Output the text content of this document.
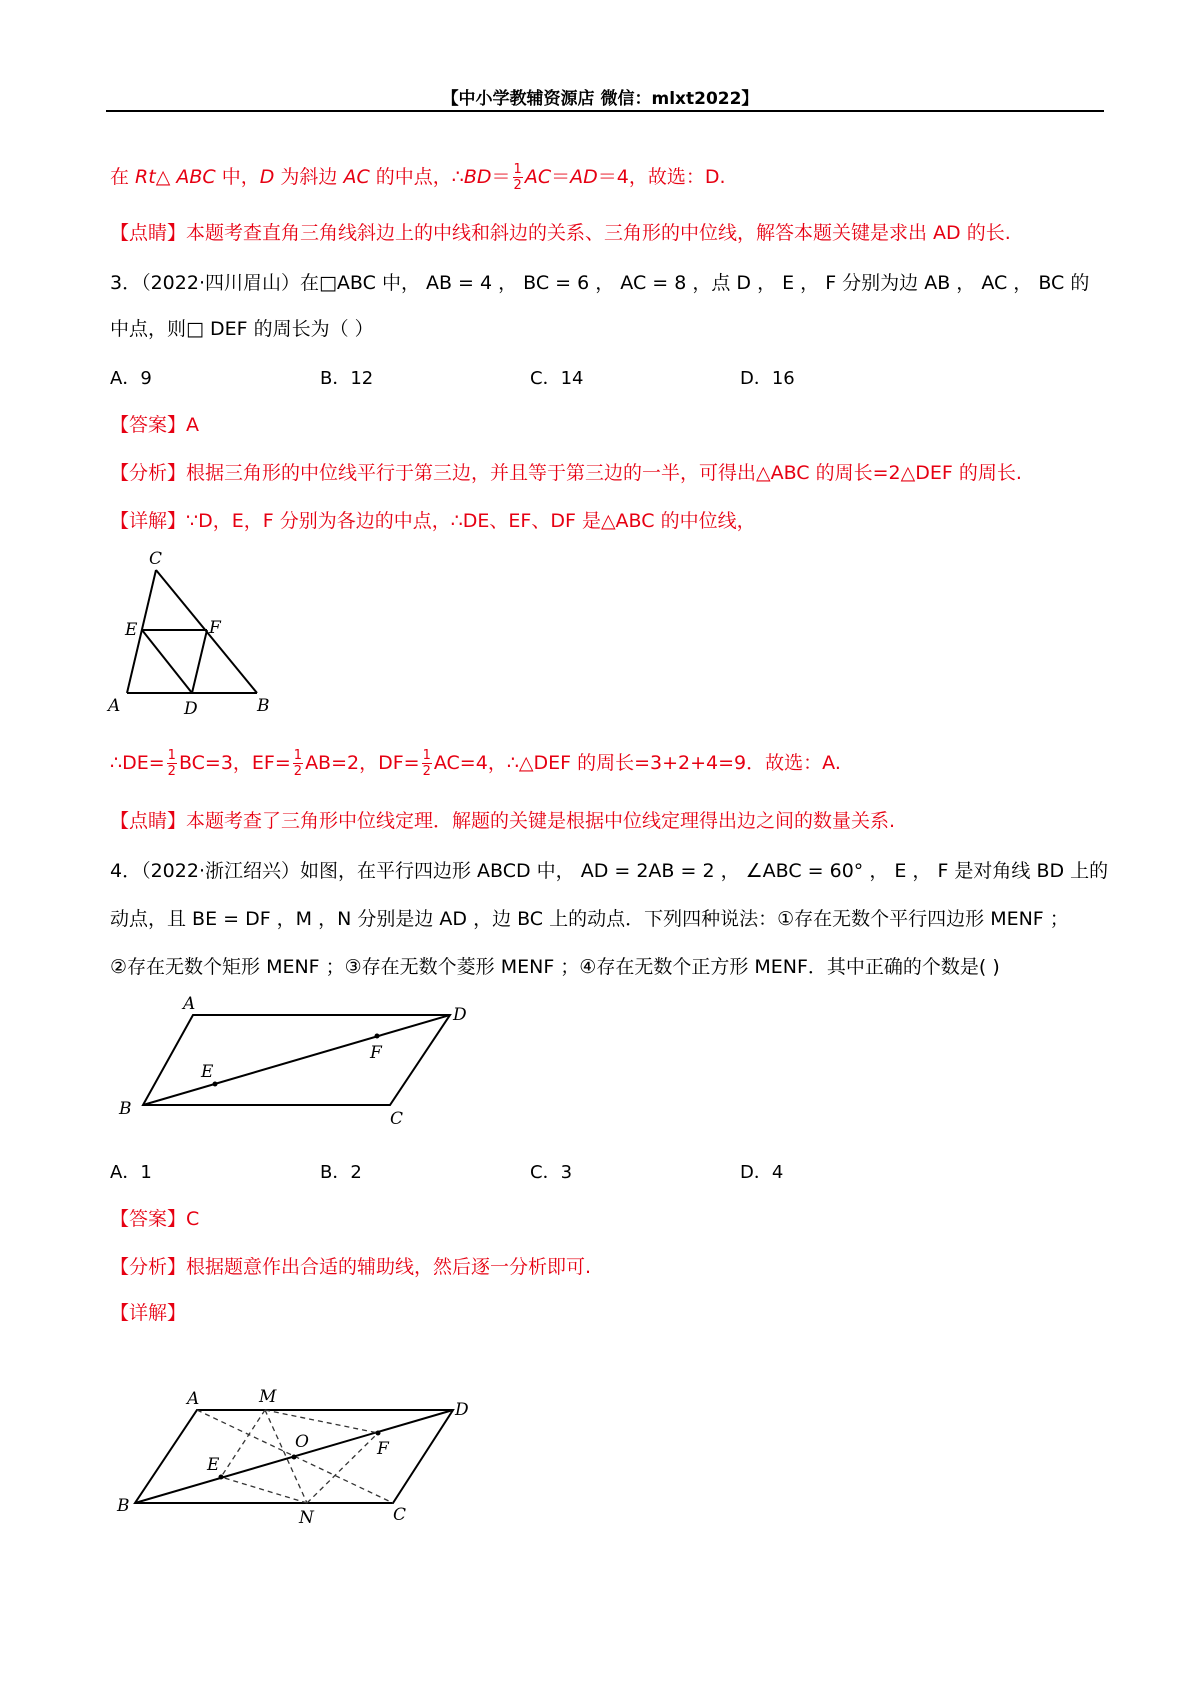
【中小学教辅资源店 微信：mlxt2022】
在 Rt△ ABC 中，D 为斜边 AC 的中点，∴BD＝ $\frac{1}{2} AC=AD=4$，故选：D.
【点睛】本题考查直角三角线斜边上的中线和斜边的关系、三角形的中位线，解答本题关键是求出 AD 的长.
3．（2022·四川眉山）在□ABC 中， AB = 4 ， BC = 6 ， AC = 8 ，点 D ， E ， F 分别为边 AB ， AC ， BC 的
中点，则□ DEF 的周长为（ ）
A．9	B．12	C．14	D．16
【答案】A
【分析】根据三角形的中位线平行于第三边，并且等于第三边的一半，可得出△ABC 的周长=2△DEF 的周长.
【详解】∵D，E，F 分别为各边的中点，∴DE、EF、DF 是△ABC 的中位线，
C
E	F
A	D	B
∴DE= $\frac{1}{2} BC=3$，$EF= \frac{1}{2} AB=2$，$DF= \frac{1}{2} AC=4$，∴△DEF 的周长=3+2+4=9．故选：A.
【点睛】本题考查了三角形中位线定理．解题的关键是根据中位线定理得出边之间的数量关系.
4．（2022·浙江绍兴）如图，在平行四边形 ABCD 中， AD = 2AB = 2 ， ∠ABC = 60° ， E ， F 是对角线 BD 上的
动点，且 BE = DF ，M ，N 分别是边 AD ，边 BC 上的动点．下列四种说法：①存在无数个平行四边形 MENF ；
②存在无数个矩形 MENF ；③存在无数个菱形 MENF ；④存在无数个正方形 MENF．其中正确的个数是( )
A
D
F
E
B	C
A．1	B．2	C．3	D．4
【答案】C
【分析】根据题意作出合适的辅助线，然后逐一分析即可.
【详解】
A	M
D
O	F
E
B
N	C
